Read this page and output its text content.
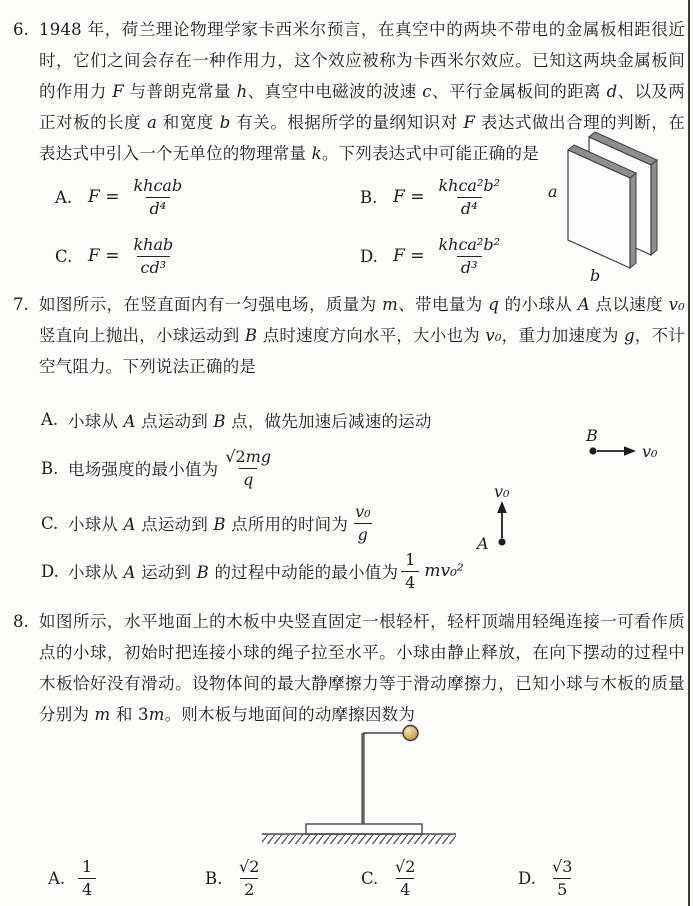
6. 1948 年，荷兰理论物理学家卡西米尔预言，在真空中的两块不带电的金属板相距很近时，它们之间会存在一种作用力，这个效应被称为卡西米尔效应。已知这两块金属板间的作用力 F 与普朗克常量 h、真空中电磁波的波速 c、平行金属板间的距离 d、以及两正对板的长度 a 和宽度 b 有关。根据所学的量纲知识对 F 表达式做出合理的判断，在表达式中引入一个无单位的物理常量 k。下列表达式中可能正确的是

A. $F = \frac{\text{khcab}}{\text{d⁴}}$	B. $F = \frac{\text{khca²b²}}{\text{d⁴}}$
C. $F = \frac{\text{khab}}{\text{cd³}}$	D. $F = \frac{\text{khca²b²}}{\text{d³}}$
a
b
7. 如图所示，在竖直面内有一匀强电场，质量为 m、带电量为 q 的小球从 A 点以速度 v₀ 竖直向上抛出，小球运动到 B 点时速度方向水平，大小也为 v₀，重力加速度为 g，不计空气阻力。下列说法正确的是

A. 小球从 A 点运动到 B 点，做先加速后减速的运动
B. 电场强度的最小值为 $\frac{√2mg}{q}$
C. 小球从 A 点运动到 B 点所用的时间为 $\frac{\text{v₀}}{g}$
D. 小球从 A 运动到 B 的过程中动能的最小值为 $\frac{1}{4} mv_0^2$
B
v₀
v₀
A
8. 如图所示，水平地面上的木板中央竖直固定一根轻杆，轻杆顶端用轻绳连接一可看作质点的小球，初始时把连接小球的绳子拉至水平。小球由静止释放，在向下摆动的过程中木板恰好没有滑动。设物体间的最大静摩擦力等于滑动摩擦力，已知小球与木板的质量分别为 m 和 3m。则木板与地面间的动摩擦因数为

A. $\frac{1}{4}$	B. $\frac{√2}{2}$	C. $\frac{√2}{4}$	D. $\frac{√3}{5}$
